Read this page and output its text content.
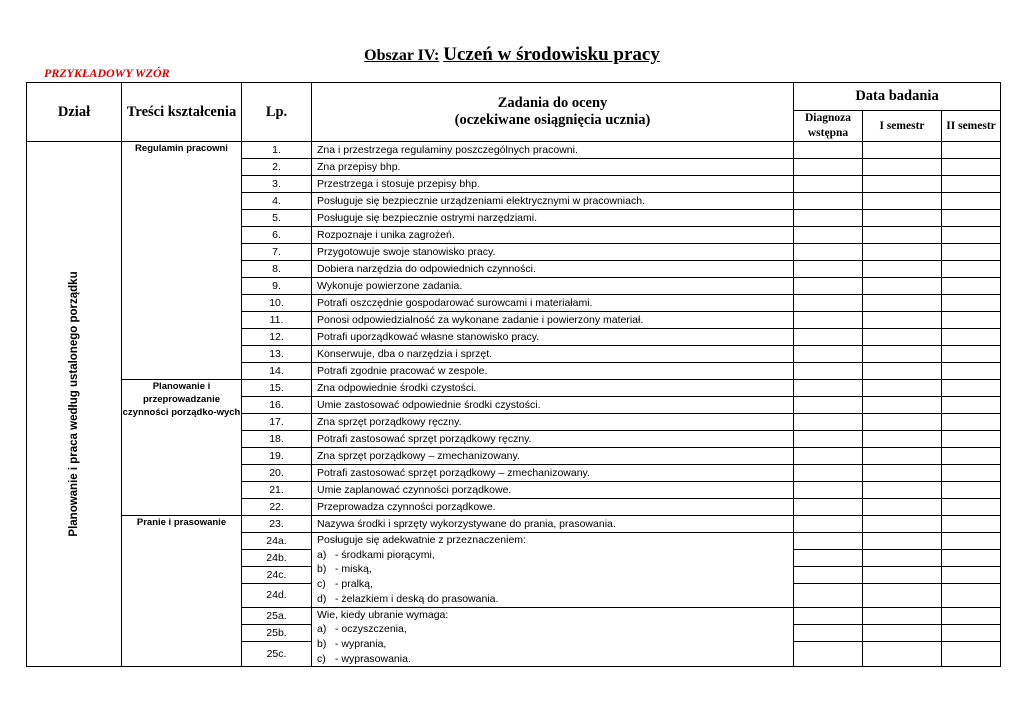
Obszar IV: Uczeń w środowisku pracy
PRZYKŁADOWY WZÓR
Dział	Treści kształcenia	Lp.	Zadania do oceny
(oczekiwane osiągnięcia ucznia)	Data badania		
				Diagnoza wstępna	I semestr	II semestr

Planowanie i praca według ustalonego porządku	Regulamin pracowni	1.	Zna i przestrzega regulaminy poszczególnych pracowni.			
		2.	Zna przepisy bhp.			
		3.	Przestrzega i stosuje przepisy bhp.			
		4.	Posługuje się bezpiecznie urządzeniami elektrycznymi w pracowniach.			
		5.	Posługuje się bezpiecznie ostrymi narzędziami.			
		6.	Rozpoznaje i unika zagrożeń.			
		7.	Przygotowuje swoje stanowisko pracy.			
		8.	Dobiera narzędzia do odpowiednich czynności.			
		9.	Wykonuje powierzone zadania.			
		10.	Potrafi oszczędnie gospodarować surowcami i materiałami.			
		11.	Ponosi odpowiedzialność za wykonane zadanie i powierzony materiał.			
		12.	Potrafi uporządkować własne stanowisko pracy.			
		13.	Konserwuje, dba o narzędzia i sprzęt.			
		14.	Potrafi zgodnie pracować w zespole.			
	Planowanie i przeprowadzanie czynności porządko-wych	15.	Zna odpowiednie środki czystości.			
		16.	Umie zastosować odpowiednie środki czystości.			
		17.	Zna sprzęt porządkowy ręczny.			
		18.	Potrafi zastosować sprzęt porządkowy ręczny.			
		19.	Zna sprzęt porządkowy – zmechanizowany.			
		20.	Potrafi zastosować sprzęt porządkowy – zmechanizowany.			
		21.	Umie zaplanować czynności porządkowe.			
		22.	Przeprowadza czynności porządkowe.			
	Pranie i prasowanie	23.	Nazywa środki i sprzęty wykorzystywane do prania, prasowania.			
		24a.	Posługuje się adekwatnie z przeznaczeniem:
a) - środkami piorącymi,
b) - miską,
c) - pralką,
d) - żelazkiem i deską do prasowania.			

		24b.				
		24c.				
		24d.				
		25a.	Wie, kiedy ubranie wymaga:
a) - oczyszczenia,
b) - wyprania,
c) - wyprasowania.			

		25b.				
		25c.				
